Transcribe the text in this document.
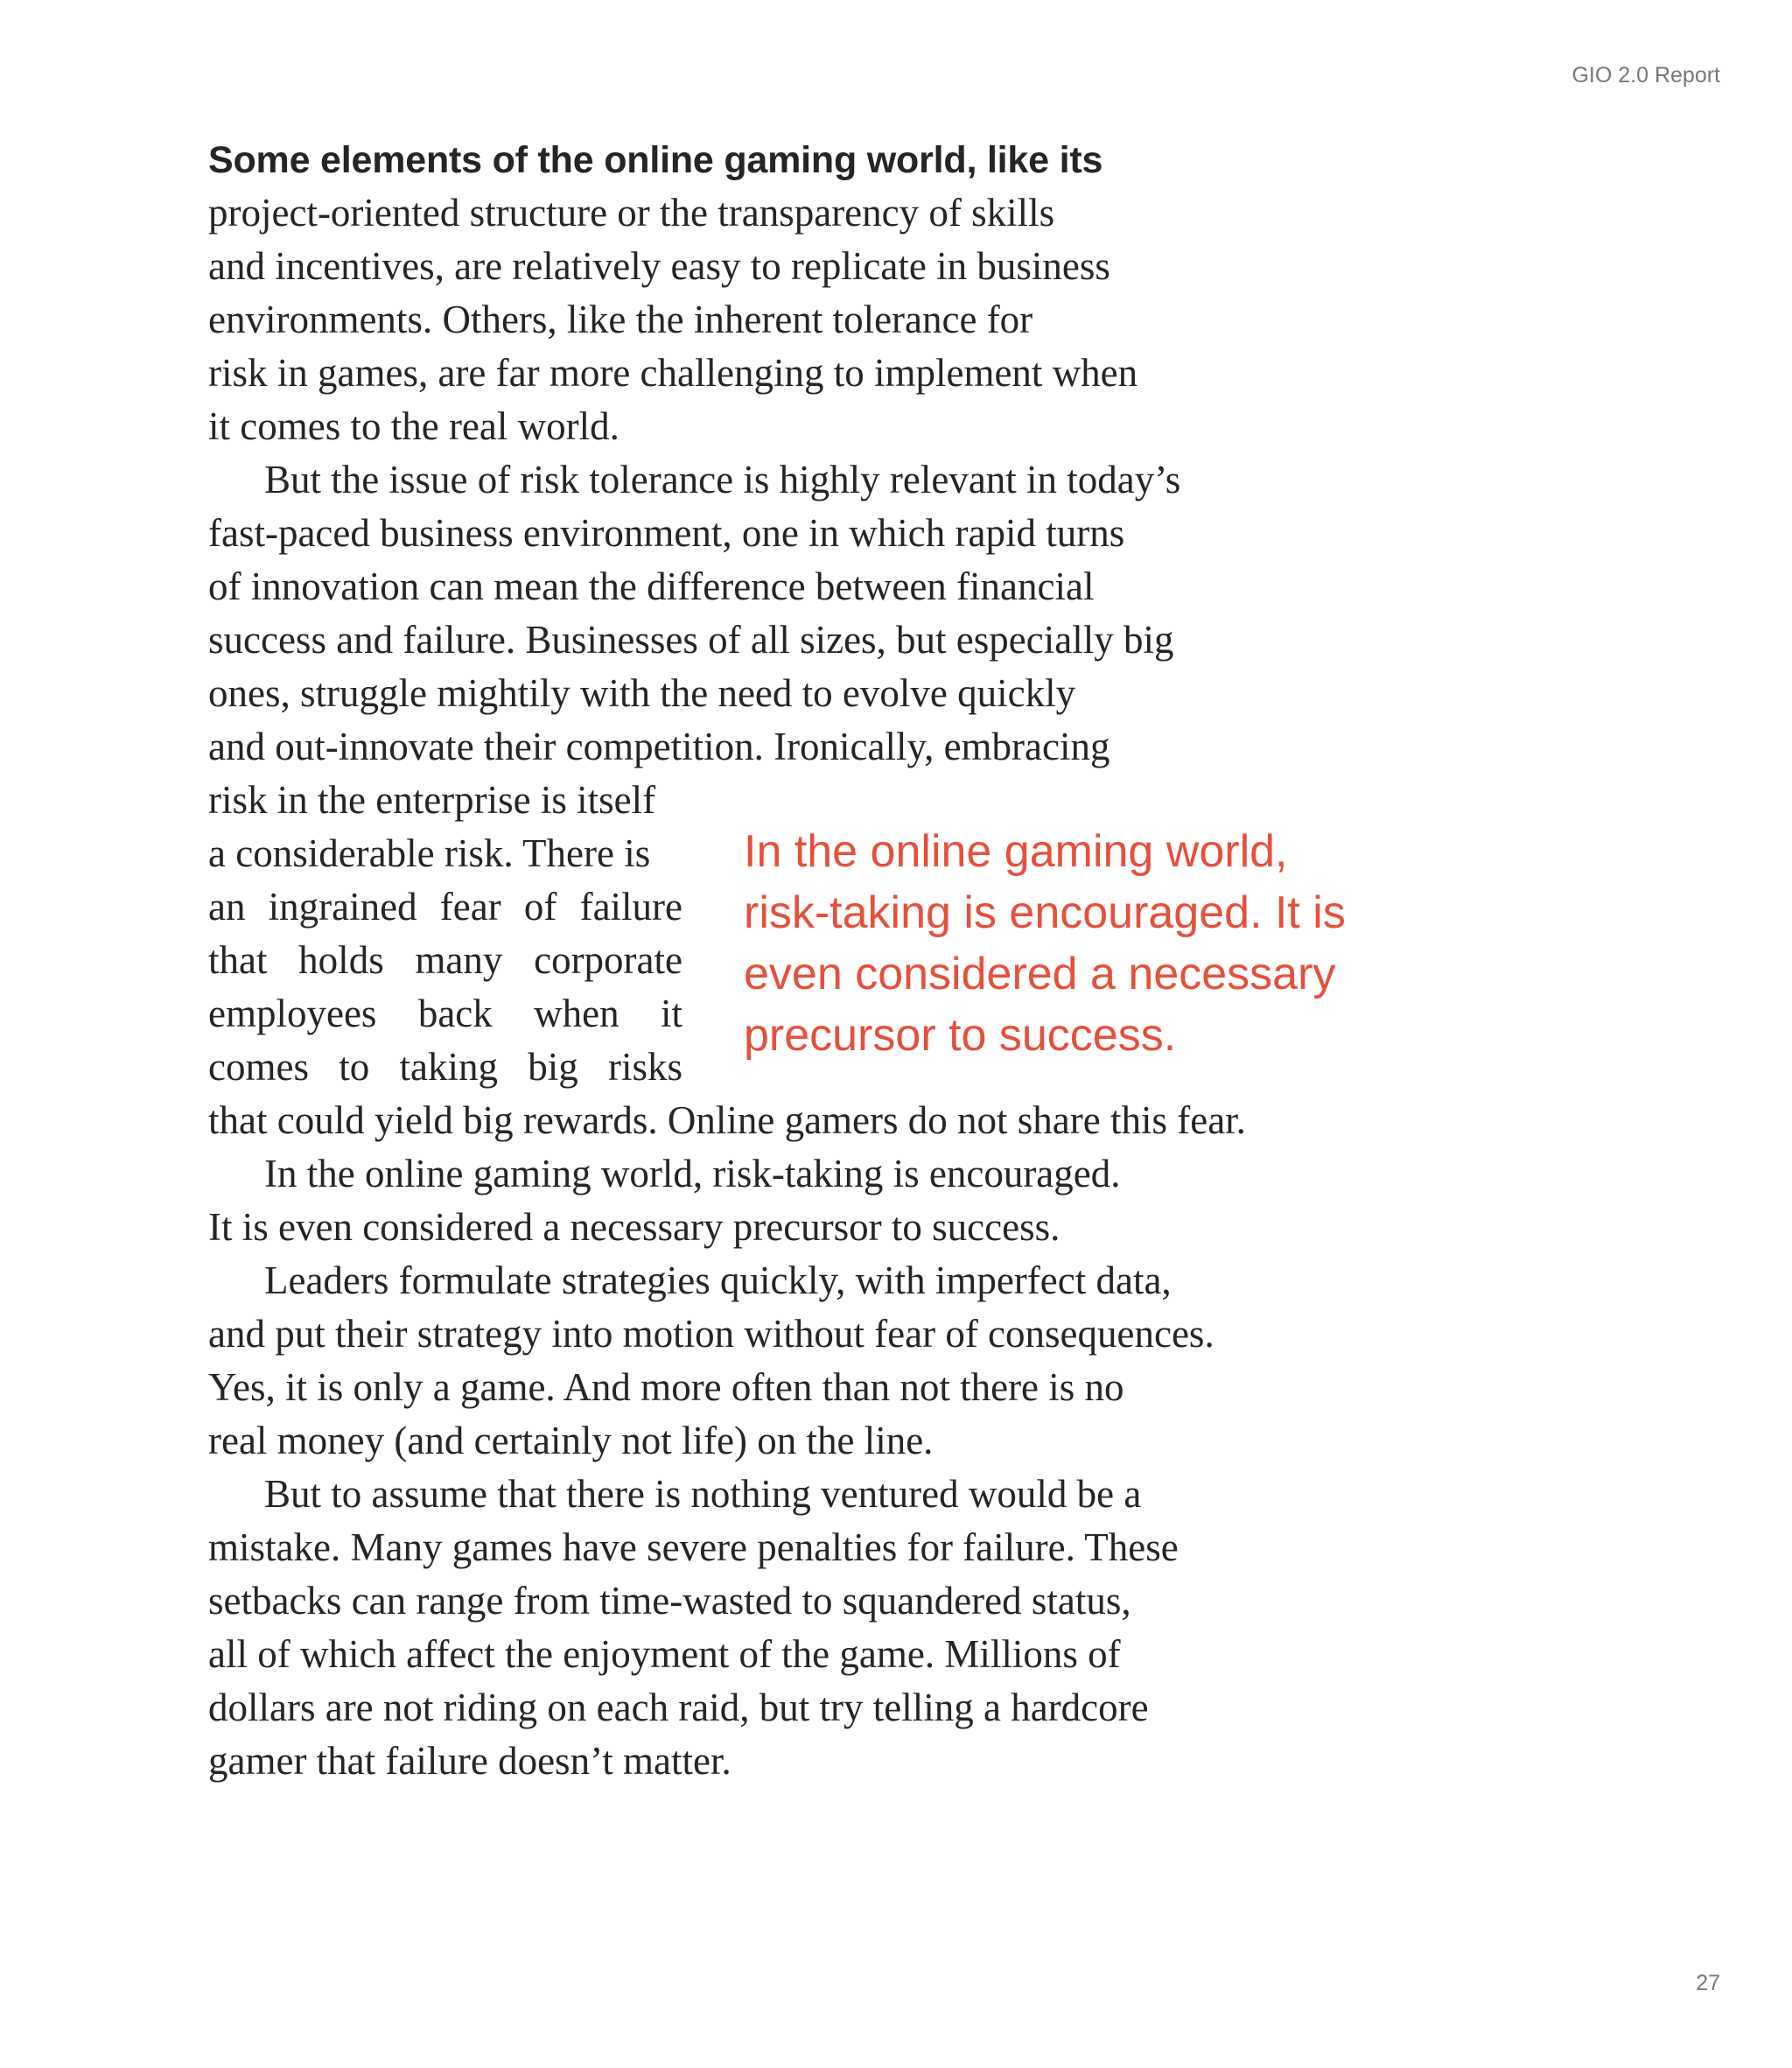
GIO 2.0 Report
Some elements of the online gaming world, like its
project-oriented structure or the transparency of skills
and incentives, are relatively easy to replicate in business
environments. Others, like the inherent tolerance for
risk in games, are far more challenging to implement when
it comes to the real world.
But the issue of risk tolerance is highly relevant in today’s
fast-paced business environment, one in which rapid turns
of innovation can mean the difference between financial
success and failure. Businesses of all sizes, but especially big
ones, struggle mightily with the need to evolve quickly
and out-innovate their competition. Ironically, embracing
risk in the enterprise is itself
a considerable risk. There is
an ingrained fear of failure
that holds many corporate
employees back when it
comes to taking big risks
that could yield big rewards. Online gamers do not share this fear.
In the online gaming world, risk-taking is encouraged.
It is even considered a necessary precursor to success.
Leaders formulate strategies quickly, with imperfect data,
and put their strategy into motion without fear of consequences.
Yes, it is only a game. And more often than not there is no
real money (and certainly not life) on the line.
But to assume that there is nothing ventured would be a
mistake. Many games have severe penalties for failure. These
setbacks can range from time-wasted to squandered status,
all of which affect the enjoyment of the game. Millions of
dollars are not riding on each raid, but try telling a hardcore
gamer that failure doesn’t matter.
In the online gaming world,
risk-taking is encouraged. It is
even considered a necessary
precursor to success.
27
